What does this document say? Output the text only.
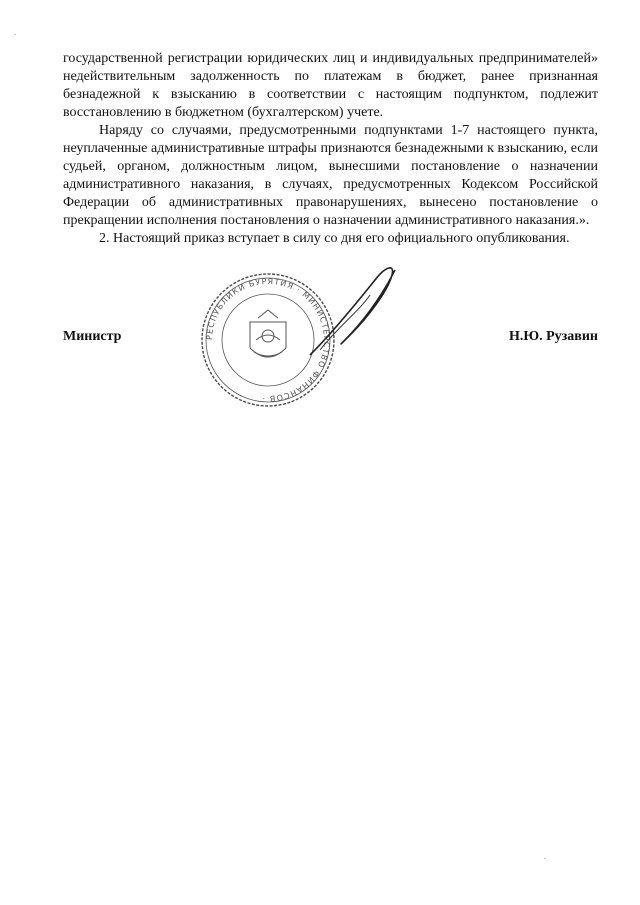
.
.

государственной регистрации юридических лиц и индивидуальных предпринимателей» недействительным задолженность по платежам в бюджет, ранее признанная безнадежной к взысканию в соответствии с настоящим подпунктом, подлежит восстановлению в бюджетном (бухгалтерском) учете.

Наряду со случаями, предусмотренными подпунктами 1-7 настоящего пункта, неуплаченные административные штрафы признаются безнадежными к взысканию, если судьей, органом, должностным лицом, вынесшими постановление о назначении административного наказания, в случаях, предусмотренных Кодексом Российской Федерации об административных правонарушениях, вынесено постановление о прекращении исполнения постановления о назначении административного наказания.».

2. Настоящий приказ вступает в силу со дня его официального опубликования.

РЕСПУБЛИКИ БУРЯТИЯ · МИНИСТЕРСТВО ФИНАНСОВ ·
Министр	Н.Ю. Рузавин
